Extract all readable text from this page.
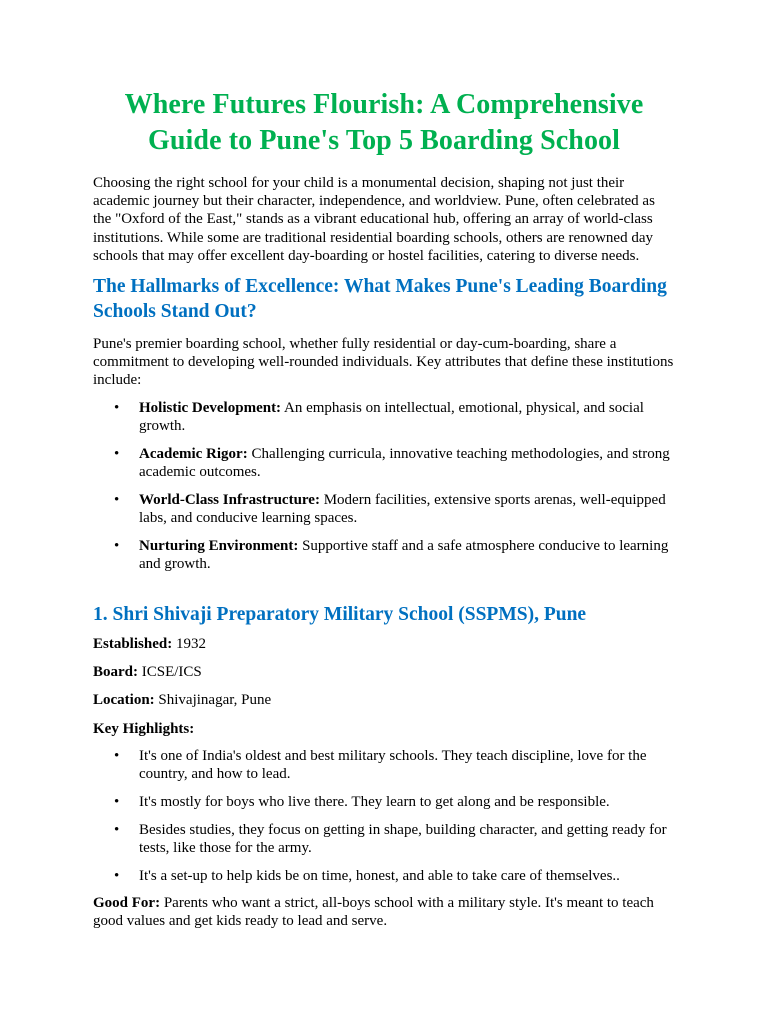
Where Futures Flourish: A Comprehensive Guide to Pune's Top 5 Boarding School

Choosing the right school for your child is a monumental decision, shaping not just their academic journey but their character, independence, and worldview. Pune, often celebrated as the "Oxford of the East," stands as a vibrant educational hub, offering an array of world-class institutions. While some are traditional residential boarding schools, others are renowned day schools that may offer excellent day-boarding or hostel facilities, catering to diverse needs.

The Hallmarks of Excellence: What Makes Pune's Leading Boarding Schools Stand Out?

Pune's premier boarding school, whether fully residential or day-cum-boarding, share a commitment to developing well-rounded individuals. Key attributes that define these institutions include:

• Holistic Development: An emphasis on intellectual, emotional, physical, and social growth.
• Academic Rigor: Challenging curricula, innovative teaching methodologies, and strong academic outcomes.
• World-Class Infrastructure: Modern facilities, extensive sports arenas, well-equipped labs, and conducive learning spaces.
• Nurturing Environment: Supportive staff and a safe atmosphere conducive to learning and growth.
1. Shri Shivaji Preparatory Military School (SSPMS), Pune

Established: 1932

Board: ICSE/ICS

Location: Shivajinagar, Pune

Key Highlights:

• It's one of India's oldest and best military schools. They teach discipline, love for the country, and how to lead.
• It's mostly for boys who live there. They learn to get along and be responsible.
• Besides studies, they focus on getting in shape, building character, and getting ready for tests, like those for the army.
• It's a set-up to help kids be on time, honest, and able to take care of themselves..

Good For: Parents who want a strict, all-boys school with a military style. It's meant to teach good values and get kids ready to lead and serve.
